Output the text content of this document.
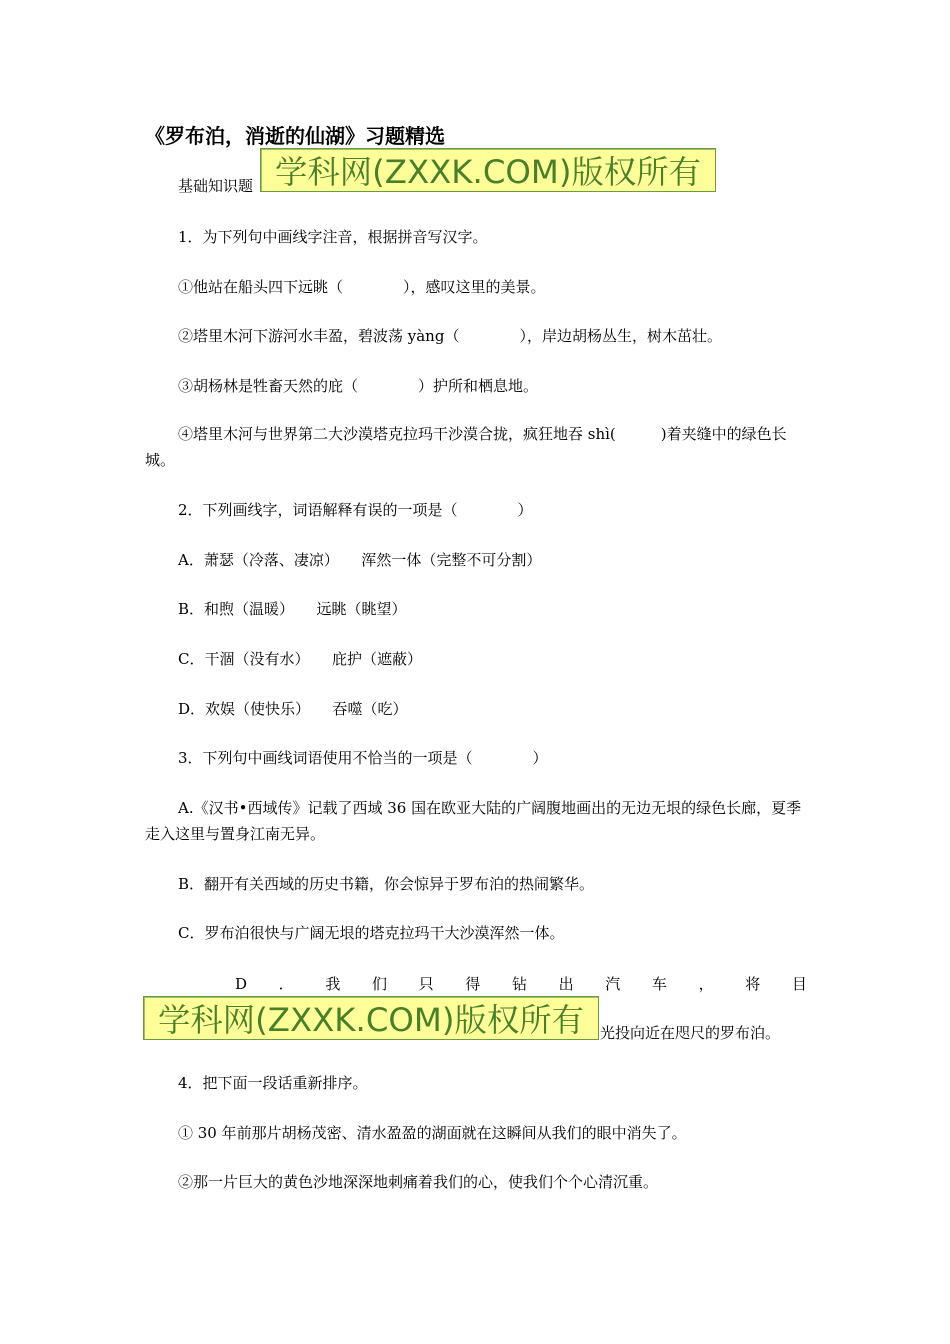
《罗布泊，消逝的仙湖》习题精选
基础知识题 学科网(ZXXK.COM)版权所有
1．为下列句中画线字注音，根据拼音写汉字。
①他站在船头四下远眺（　　　　），感叹这里的美景。
②塔里木河下游河水丰盈，碧波荡 yàng（　　　　），岸边胡杨丛生，树木茁壮。
③胡杨林是牲畜天然的庇（　　　　）护所和栖息地。
④塔里木河与世界第二大沙漠塔克拉玛干沙漠合拢，疯狂地吞 shì(　　　)着夹缝中的绿色长城。
2．下列画线字，词语解释有误的一项是（　　　　）
A．萧瑟（冷落、凄凉）　　浑然一体（完整不可分割）
B．和煦（温暖）　　远眺（眺望）
C．干涸（没有水）　　庇护（遮蔽）
D．欢娱（使快乐）　　吞噬（吃）
3．下列句中画线词语使用不恰当的一项是（　　　　）
A.《汉书•西域传》记载了西域 36 国在欧亚大陆的广阔腹地画出的无边无垠的绿色长廊，夏季走入这里与置身江南无异。
B．翻开有关西域的历史书籍，你会惊异于罗布泊的热闹繁华。
C．罗布泊很快与广阔无垠的塔克拉玛干大沙漠浑然一体。
D ． 我 们 只 得 钻 出 汽 车 ， 将 目
学科网(ZXXK.COM)版权所有 光投向近在咫尺的罗布泊。
4．把下面一段话重新排序。
① 30 年前那片胡杨茂密、清水盈盈的湖面就在这瞬间从我们的眼中消失了。
②那一片巨大的黄色沙地深深地刺痛着我们的心，使我们个个心清沉重。
